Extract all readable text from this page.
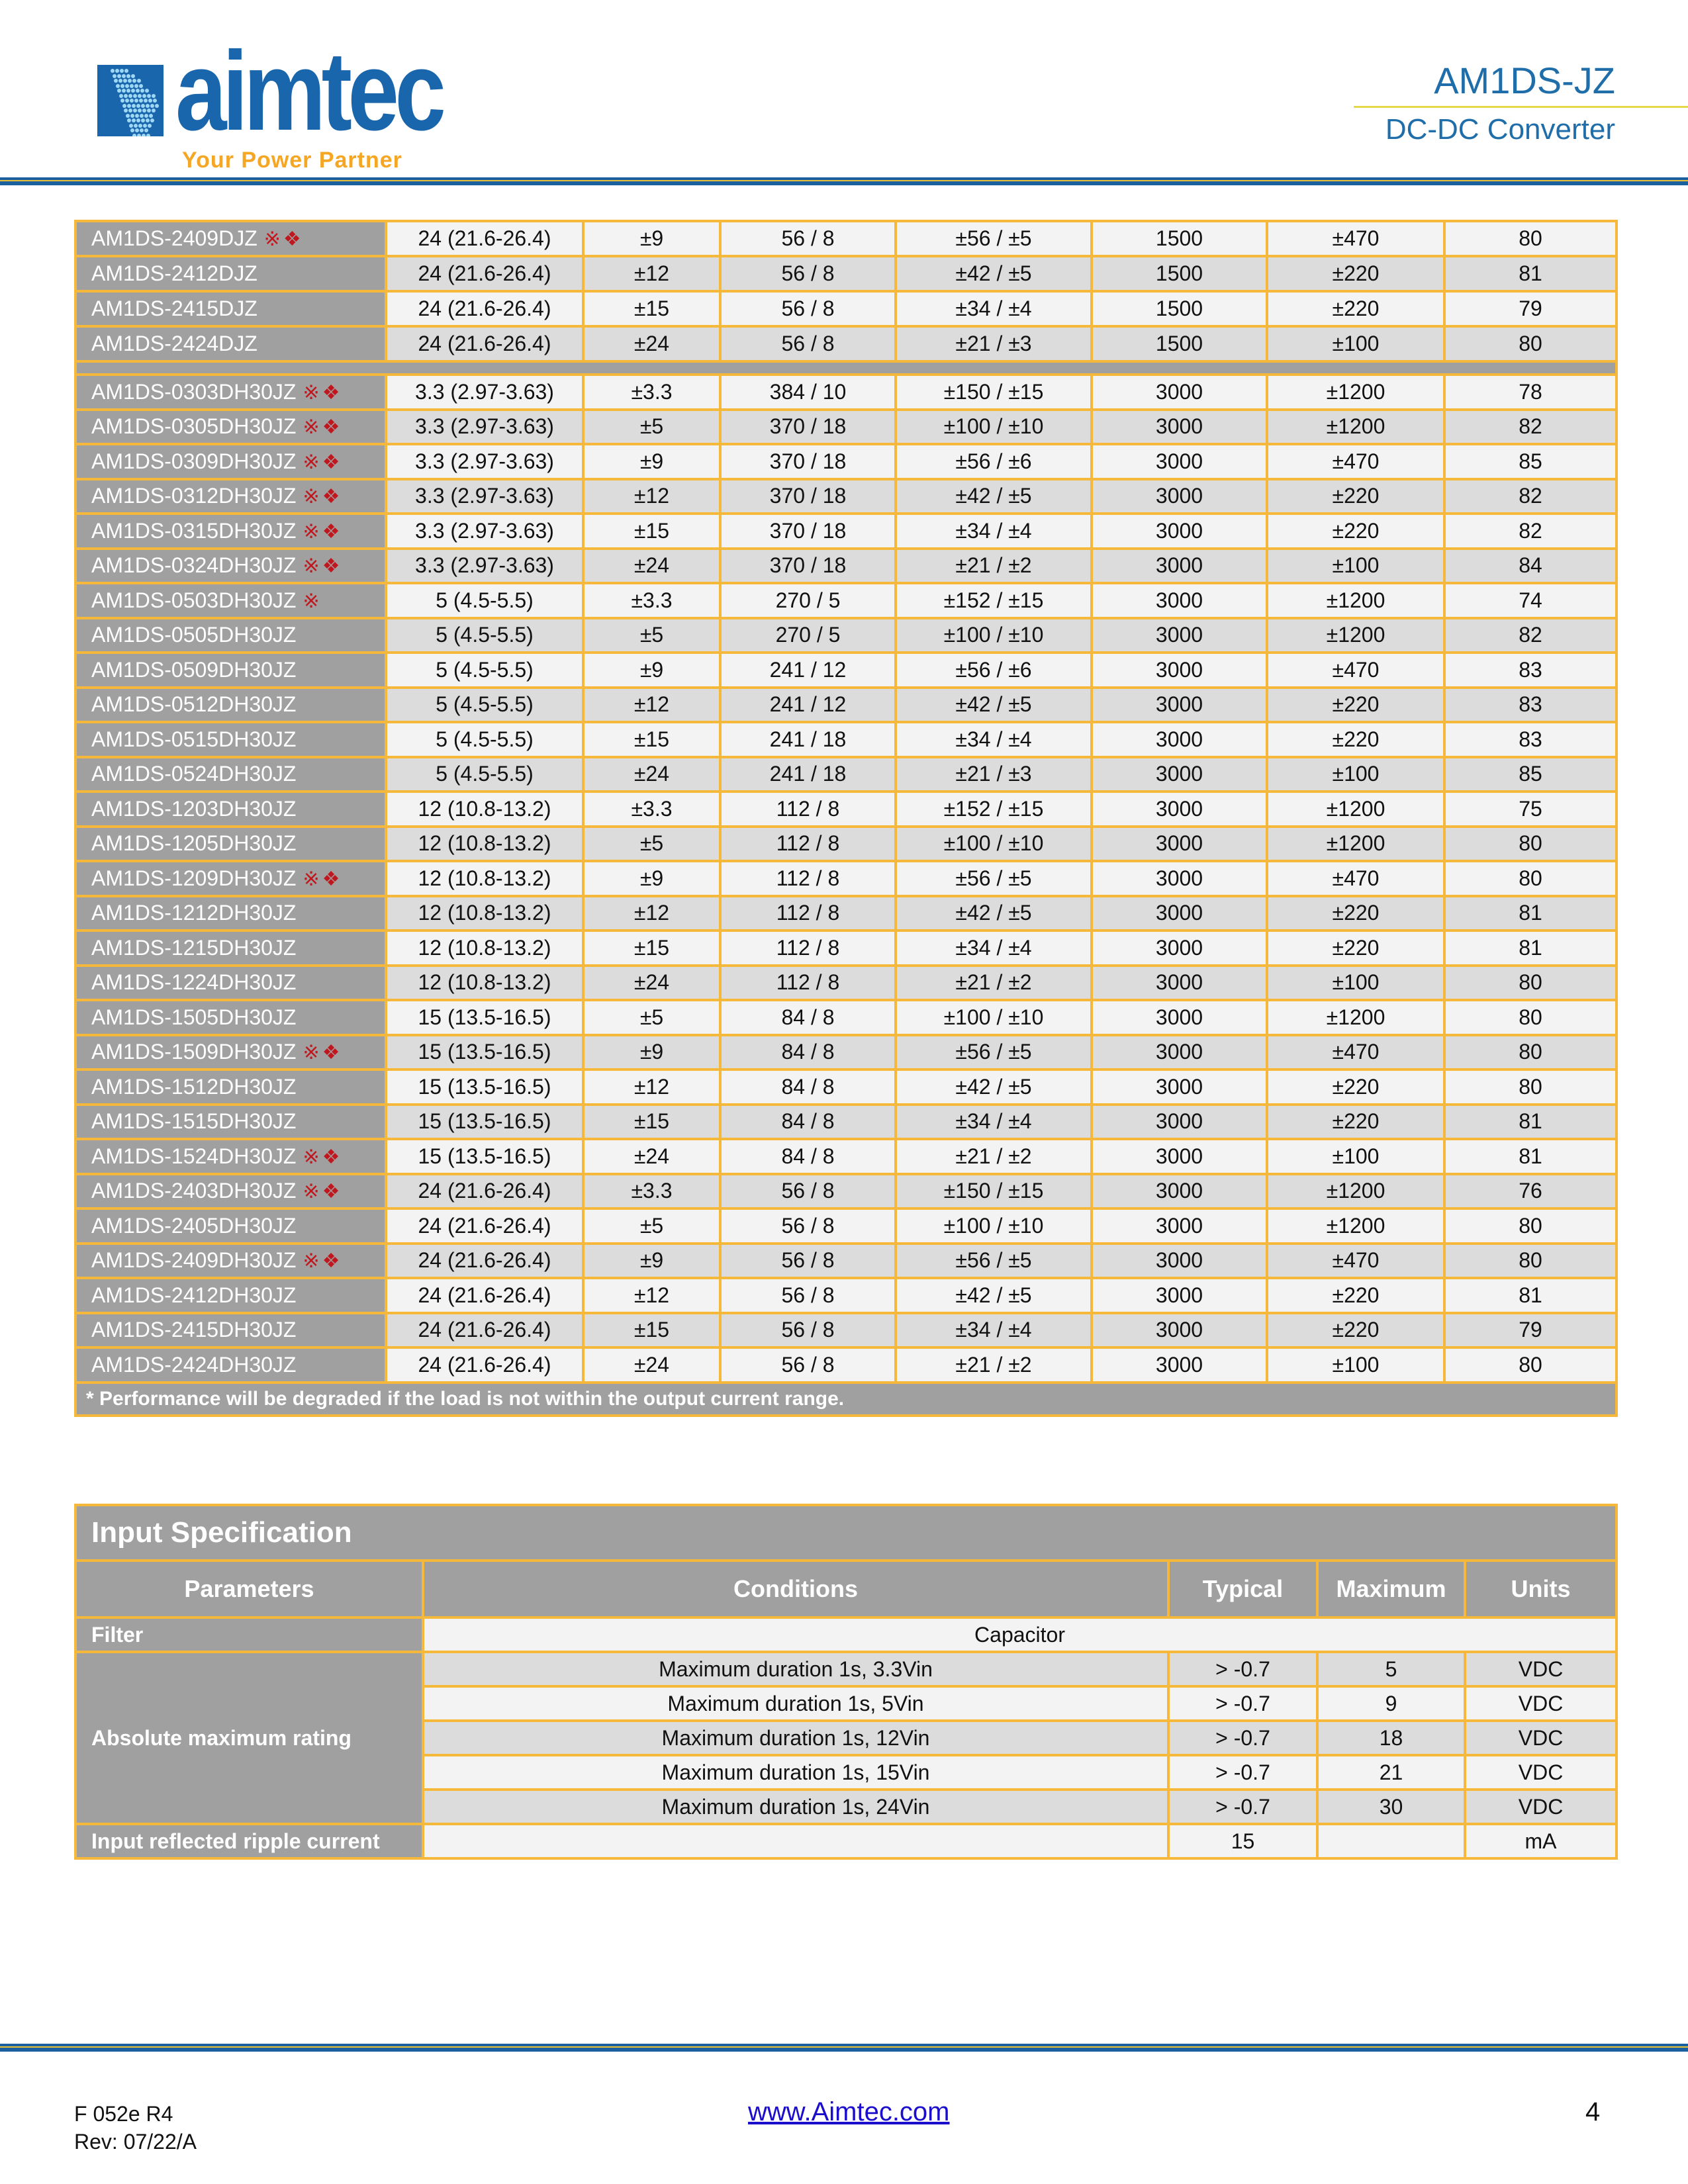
aimtec
Your Power Partner
AM1DS-JZ
DC-DC Converter
AM1DS-2409DJZ ※ ❖	24 (21.6-26.4)	±9	56 / 8	±56 / ±5	1500	±470	80
AM1DS-2412DJZ	24 (21.6-26.4)	±12	56 / 8	±42 / ±5	1500	±220	81
AM1DS-2415DJZ	24 (21.6-26.4)	±15	56 / 8	±34 / ±4	1500	±220	79
AM1DS-2424DJZ	24 (21.6-26.4)	±24	56 / 8	±21 / ±3	1500	±100	80

AM1DS-0303DH30JZ ※ ❖	3.3 (2.97-3.63)	±3.3	384 / 10	±150 / ±15	3000	±1200	78
AM1DS-0305DH30JZ ※ ❖	3.3 (2.97-3.63)	±5	370 / 18	±100 / ±10	3000	±1200	82
AM1DS-0309DH30JZ ※ ❖	3.3 (2.97-3.63)	±9	370 / 18	±56 / ±6	3000	±470	85
AM1DS-0312DH30JZ ※ ❖	3.3 (2.97-3.63)	±12	370 / 18	±42 / ±5	3000	±220	82
AM1DS-0315DH30JZ ※ ❖	3.3 (2.97-3.63)	±15	370 / 18	±34 / ±4	3000	±220	82
AM1DS-0324DH30JZ ※ ❖	3.3 (2.97-3.63)	±24	370 / 18	±21 / ±2	3000	±100	84
AM1DS-0503DH30JZ ※	5 (4.5-5.5)	±3.3	270 / 5	±152 / ±15	3000	±1200	74
AM1DS-0505DH30JZ	5 (4.5-5.5)	±5	270 / 5	±100 / ±10	3000	±1200	82
AM1DS-0509DH30JZ	5 (4.5-5.5)	±9	241 / 12	±56 / ±6	3000	±470	83
AM1DS-0512DH30JZ	5 (4.5-5.5)	±12	241 / 12	±42 / ±5	3000	±220	83
AM1DS-0515DH30JZ	5 (4.5-5.5)	±15	241 / 18	±34 / ±4	3000	±220	83
AM1DS-0524DH30JZ	5 (4.5-5.5)	±24	241 / 18	±21 / ±3	3000	±100	85
AM1DS-1203DH30JZ	12 (10.8-13.2)	±3.3	112 / 8	±152 / ±15	3000	±1200	75
AM1DS-1205DH30JZ	12 (10.8-13.2)	±5	112 / 8	±100 / ±10	3000	±1200	80
AM1DS-1209DH30JZ ※ ❖	12 (10.8-13.2)	±9	112 / 8	±56 / ±5	3000	±470	80
AM1DS-1212DH30JZ	12 (10.8-13.2)	±12	112 / 8	±42 / ±5	3000	±220	81
AM1DS-1215DH30JZ	12 (10.8-13.2)	±15	112 / 8	±34 / ±4	3000	±220	81
AM1DS-1224DH30JZ	12 (10.8-13.2)	±24	112 / 8	±21 / ±2	3000	±100	80
AM1DS-1505DH30JZ	15 (13.5-16.5)	±5	84 / 8	±100 / ±10	3000	±1200	80
AM1DS-1509DH30JZ ※ ❖	15 (13.5-16.5)	±9	84 / 8	±56 / ±5	3000	±470	80
AM1DS-1512DH30JZ	15 (13.5-16.5)	±12	84 / 8	±42 / ±5	3000	±220	80
AM1DS-1515DH30JZ	15 (13.5-16.5)	±15	84 / 8	±34 / ±4	3000	±220	81
AM1DS-1524DH30JZ ※ ❖	15 (13.5-16.5)	±24	84 / 8	±21 / ±2	3000	±100	81
AM1DS-2403DH30JZ ※ ❖	24 (21.6-26.4)	±3.3	56 / 8	±150 / ±15	3000	±1200	76
AM1DS-2405DH30JZ	24 (21.6-26.4)	±5	56 / 8	±100 / ±10	3000	±1200	80
AM1DS-2409DH30JZ ※ ❖	24 (21.6-26.4)	±9	56 / 8	±56 / ±5	3000	±470	80
AM1DS-2412DH30JZ	24 (21.6-26.4)	±12	56 / 8	±42 / ±5	3000	±220	81
AM1DS-2415DH30JZ	24 (21.6-26.4)	±15	56 / 8	±34 / ±4	3000	±220	79
AM1DS-2424DH30JZ	24 (21.6-26.4)	±24	56 / 8	±21 / ±2	3000	±100	80
* Performance will be degraded if the load is not within the output current range.							
Input Specification				
Parameters	Conditions	Typical	Maximum	Units
Filter	Capacitor			
Absolute maximum rating	Maximum duration 1s, 3.3Vin	> -0.7	5	VDC
	Maximum duration 1s, 5Vin	> -0.7	9	VDC
	Maximum duration 1s, 12Vin	> -0.7	18	VDC
	Maximum duration 1s, 15Vin	> -0.7	21	VDC
	Maximum duration 1s, 24Vin	> -0.7	30	VDC
Input reflected ripple current		15		mA
F 052e R4
Rev: 07/22/A
www.Aimtec.com	4
